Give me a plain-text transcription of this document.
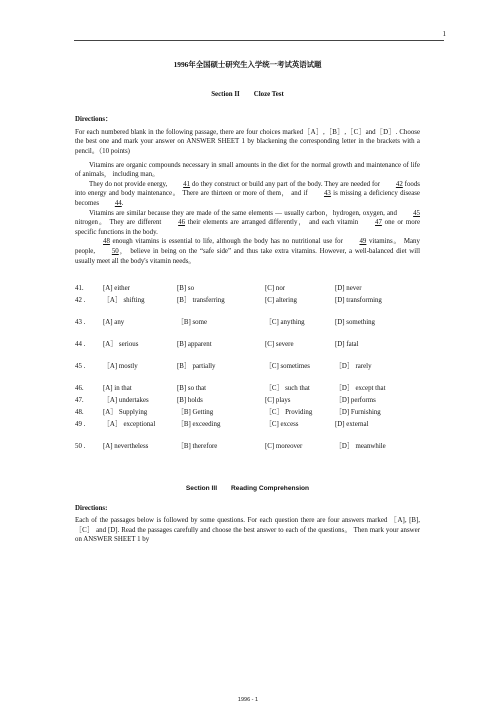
1
1996年全国硕士研究生入学统一考试英语试题
Section II Cloze Test
Directions：

For each numbered blank in the following passage, there are four choices marked［A］,［B］,［C］and［D］. Choose the best one and mark your answer on ANSWER SHEET 1 by blackening the corresponding letter in the brackets with a pencil。（10 points)

Vitamins are organic compounds necessary in small amounts in the diet for the normal growth and maintenance of life of animals， including man。

They do not provide energy, 41 do they construct or build any part of the body. They are needed for 42 foods into energy and body maintenance。 There are thirteen or more of them， and if 43 is missing a deficiency disease becomes 44.

Vitamins are similar because they are made of the same elements — usually carbon，hydrogen, oxygen, and 45 nitrogen。 They are different 46 their elements are arranged differently， and each vitamin 47 one or more specific functions in the body.

48 enough vitamins is essential to life, although the body has no nutritional use for 49 vitamins。 Many people, 50， believe in being on the “safe side” and thus take extra vitamins. However, a well-balanced diet will usually meet all the body's vitamin needs。

41.	[A] either	[B] so	[C] nor	[D] never
42 .	［A］ shifting	[B］ transferring	[C] altering	[D] transforming
43 .	[A] any	［B] some	［C] anything	[D] something
44 .	[A］ serious	[B] apparent	[C] severe	[D] fatal
45 .	［A] mostly	[B］ partially	［C] sometimes	［D］ rarely
46.	[A] in that	[B] so that	［C］ such that	［D］ except that
47.	［A] undertakes	[B] holds	[C] plays	［D] performs
48.	[A］ Supplying	［B] Getting	［C］ Providing	［D] Furnishing
49 .	［A］ exceptional	［B] exceeding	［C] excess	[D] external
50 .	[A] nevertheless	［B] therefore	[C] moreover	［D］ meanwhile
Section III Reading Comprehension
Directions:

Each of the passages below is followed by some questions. For each question there are four answers marked ［A], [B], ［C］ and [D]. Read the passages carefully and choose the best answer to each of the questions。 Then mark your answer on ANSWER SHEET 1 by

1996 - 1
